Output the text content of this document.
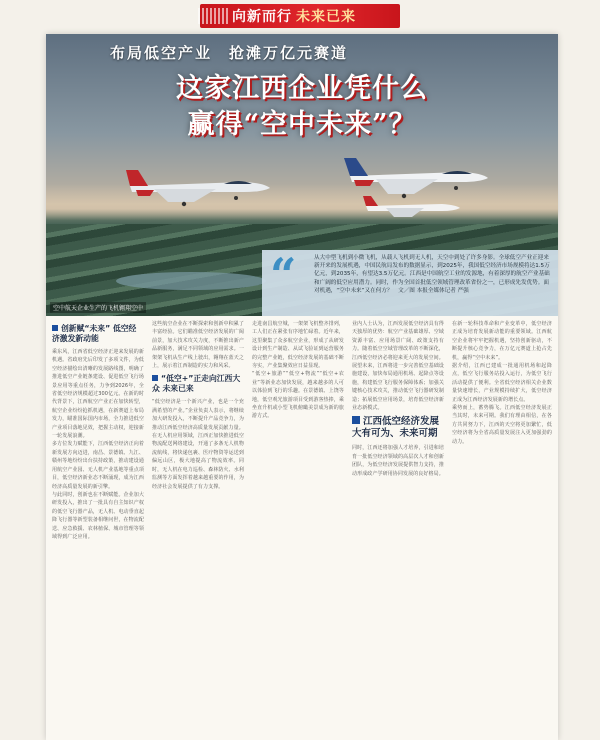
向新而行 未来已来
布局低空产业　抢滩万亿元赛道
这家江西企业凭什么
赢得“空中未来”？
“	从大中型飞机到小微飞机，从载人飞机到无人机，天空中到处了许多身影。全球低空产业正迎来新开来的发展机遇，中国民航局发布的数据显示，到2025年，我国低空经济市场规模将达1.5万亿元，到2035年，有望达3.5万亿元。江西是中国航空工业的发源地，有着深厚的航空产业基础和广阔的低空应用潜力。同时，作为全国首批低空领域管理改革省份之一，已形成先发优势。面对机遇，“空中未来”又在何方？　文／图 本报全媒体记者 严强
空中航天企业生产的飞机翱翔空中
创新赋“未来” 低空经济激发新动能
乘东风，江西省低空经济正迎来发展的新机遇。省政府先后印发了多项文件，为低空经济描绘出清晰的发展路线图，明确了推进低空产业链条建设、促进低空飞行场景应用等重点任务，力争到2026年，全省低空经济规模超过300亿元。在新的时代背景下，江西航空产业正在加快转型，航空企业纷纷抢抓机遇，在新赛道上布局发力，瞄准国际国内市场，全力推进低空产业项目落地见效，把握主动权，迎接新一轮发展浪潮。
多方位发力赋能下，江西低空经济正向着新发展方向迈进，南昌、景德镇、九江、赣州等地纷纷出台扶持政策，推动建设通用航空产业园、无人机产业基地等重点项目，低空经济新业态不断涌现，成为江西经济高质量发展的新引擎。
与此同时，创新也在不断赋能。企业加大研发投入，推出了一批具有自主知识产权的低空飞行器产品，无人机、电动垂直起降飞行器等新型装备相继问世，在物流配送、应急救援、农林植保、城市管理等领域得到广泛应用。
这些航空企业在不断探索和创新中积累了丰富经验。它们瞄准低空经济发展的广阔前景，加大技术攻关力度，不断推出新产品新服务，满足不同领域的应用需求。一架架飞机从生产线上驶出，翱翔在蓝天之上，展示着江西制造的实力和风采。
“低空+”正走向江西大众 未来已来
“低空经济是一个新兴产业，也是一个充满希望的产业。”企业负责人表示，将继续加大研发投入，不断提升产品竞争力，为推动江西低空经济高质量发展贡献力量。
在无人机应用领域，江西正加快推进低空物流配送网络建设，开通了多条无人机物流航线，将快递包裹、医疗物资等运送到偏远山区，极大地提高了物流效率。同时，无人机在电力巡检、森林防火、水利监测等方面发挥着越来越重要的作用，为经济社会发展提供了有力支撑。
走进南昌航空城，一架架飞机整齐排列，工人们正在紧张有序地忙碌着。近年来，这里聚集了众多航空企业，形成了从研发设计到生产制造、从试飞验证到运营服务的完整产业链，低空经济发展的基础不断夯实，产业集聚效应日益显现。
“低空+旅游”“低空+物流”“低空+农业”等新业态加快发展，越来越多的人可以体验到飞行的乐趣。在景德镇、上饶等地，低空观光旅游项目受到游客热捧，乘坐直升机或小型飞机俯瞰美景成为新的旅游方式。
业内人士认为，江西发展低空经济具有得天独厚的优势：航空产业基础雄厚、空域资源丰富、应用场景广阔、政策支持有力。随着低空空域管理改革的不断深化，江西低空经济必将迎来更大的发展空间。
展望未来，江西将进一步完善低空基础设施建设，加快布局通用机场、起降点等设施，构建低空飞行服务保障体系；加强关键核心技术攻关，推动低空飞行器研发制造；拓展低空应用场景，培育低空经济新业态新模式。
江西低空经济发展大有可为、未来可期
同时，江西还将加强人才培养，引进和培育一批低空经济领域的高层次人才和创新团队，为低空经济发展提供智力支持，推动形成政产学研用协同发展的良好格局。
在新一轮科技革命和产业变革中，低空经济正成为培育发展新动能的重要领域。江西航空企业将牢牢把握机遇，坚持创新驱动，不断提升核心竞争力，在万亿元赛道上抢占先机，赢得“空中未来”。
据介绍，江西已建成一批通用机场和起降点，低空飞行服务站投入运行，为低空飞行活动提供了便利。全省低空经济相关企业数量快速增长，产业规模持续扩大，低空经济正成为江西经济发展新的增长点。
乘势而上，蓄势腾飞。江西低空经济发展正当其时，未来可期。我们有理由相信，在各方共同努力下，江西的天空将更加繁忙，低空经济将为全省高质量发展注入更加强劲的动力。
